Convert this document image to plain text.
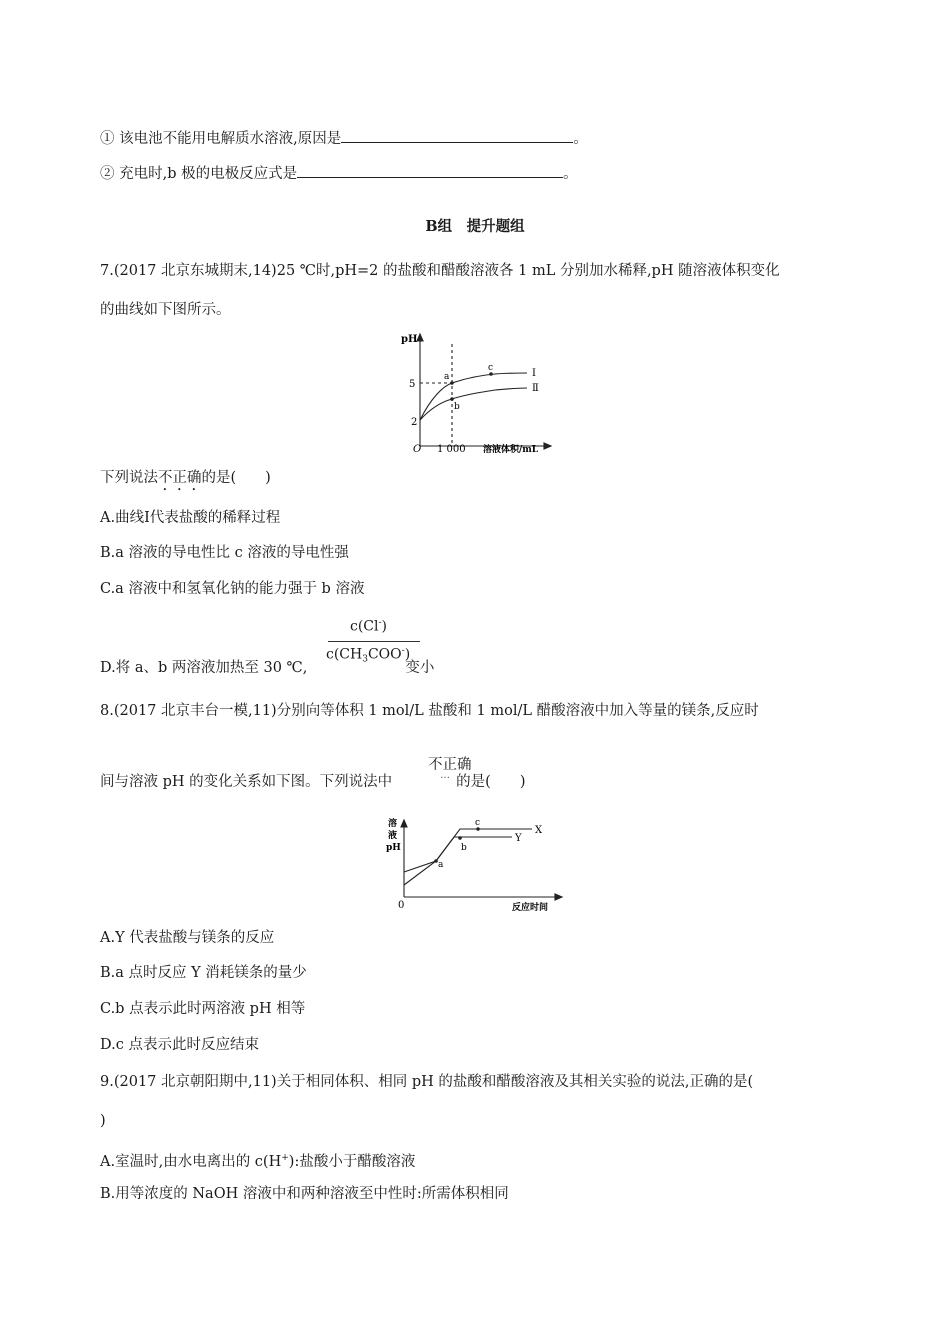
① 该电池不能用电解质水溶液,原因是	。
② 充电时,b 极的电极反应式是	。
B组　提升题组
7.(2017 北京东城期末,14)25 ℃时,pH=2 的盐酸和醋酸溶液各 1 mL 分别加水稀释,pH 随溶液体积变化
的曲线如下图所示。
pH
5
2
O 1 000 溶液体积/mL
a
b
c	Ⅰ
Ⅱ
下列说法不正确的是(　　)
A.曲线Ⅰ代表盐酸的稀释过程
B.a 溶液的导电性比 c 溶液的导电性强
C.a 溶液中和氢氧化钠的能力强于 b 溶液
D.将 a、b 两溶液加热至 30 ℃,	变小
c(Cl-)
$c(CH_3COO^-)$
8.(2017 北京丰台一模,11)分别向等体积 1 mol/L 盐酸和 1 mol/L 醋酸溶液中加入等量的镁条,反应时
不正确
…
间与溶液 pH 的变化关系如下图。下列说法中	的是(　　)
溶
液
pH
0	反应时间
a
b
c
X
Y
A.Y 代表盐酸与镁条的反应
B.a 点时反应 Y 消耗镁条的量少
C.b 点表示此时两溶液 pH 相等
D.c 点表示此时反应结束
9.(2017 北京朝阳期中,11)关于相同体积、相同 pH 的盐酸和醋酸溶液及其相关实验的说法,正确的是(
)
A.室温时,由水电离出的 c(H+):盐酸小于醋酸溶液
B.用等浓度的 NaOH 溶液中和两种溶液至中性时:所需体积相同
